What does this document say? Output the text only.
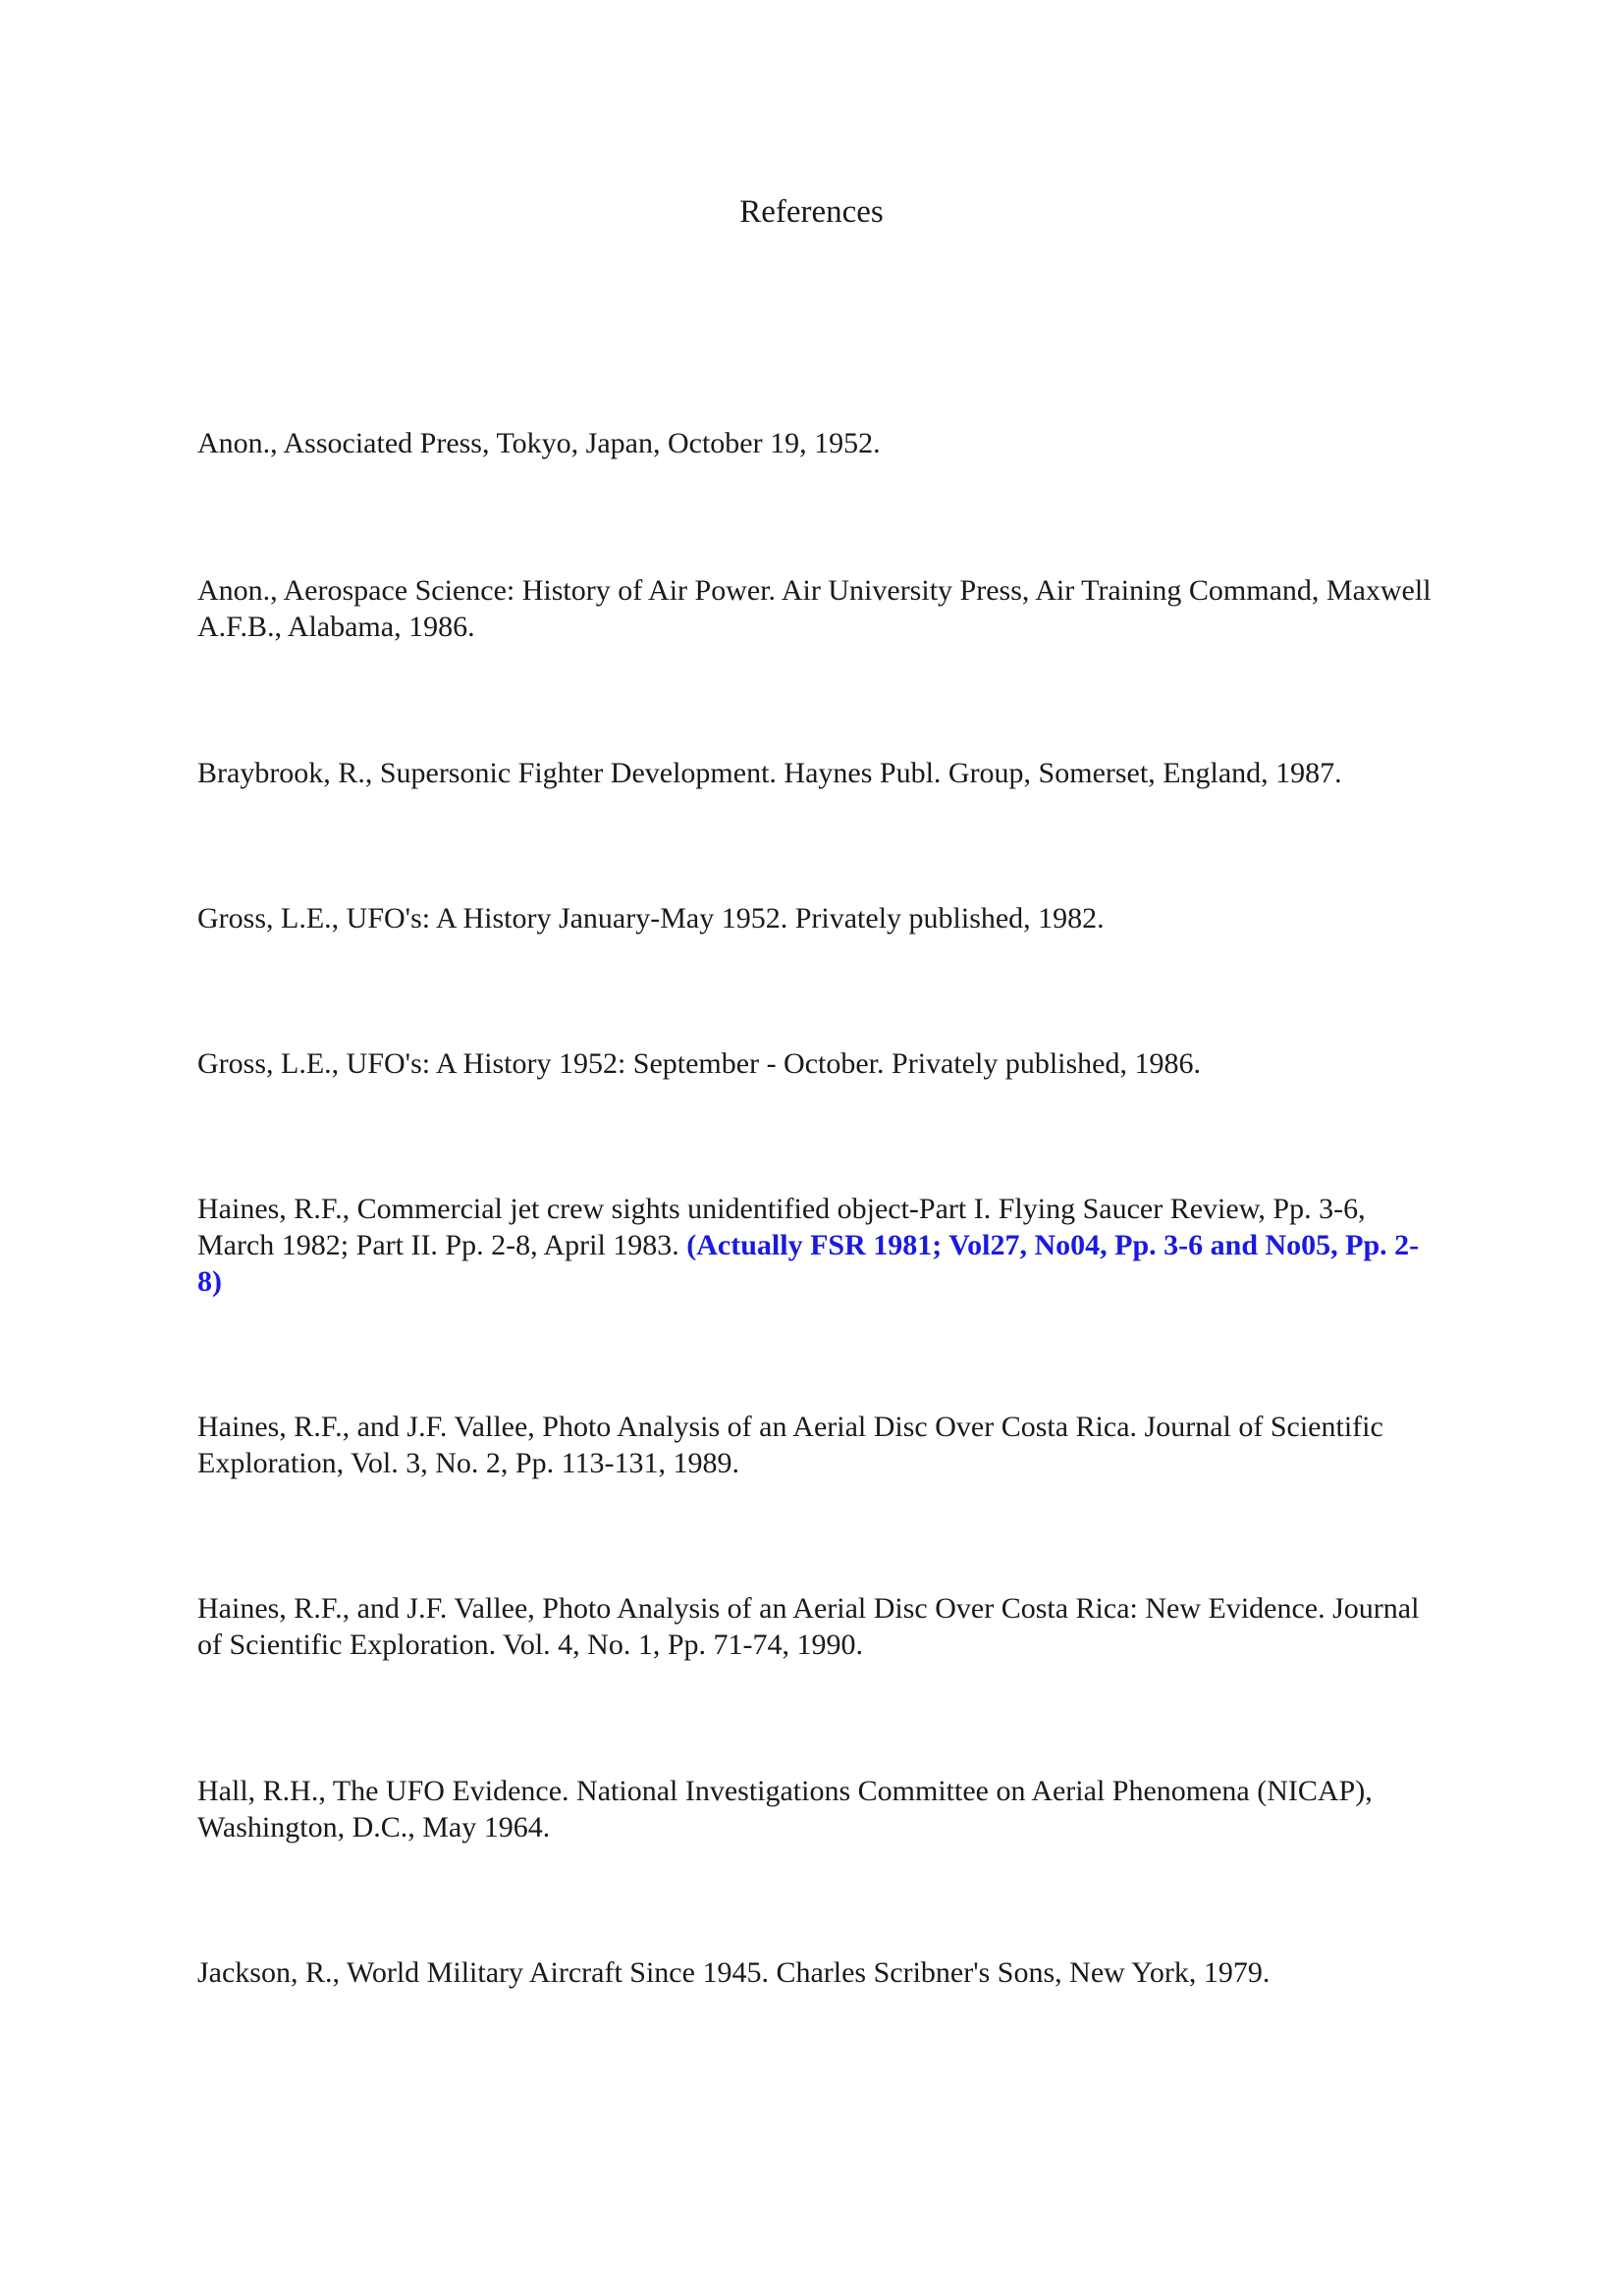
References

Anon., Associated Press, Tokyo, Japan, October 19, 1952.

Anon., Aerospace Science: History of Air Power. Air University Press, Air Training Command, Maxwell A.F.B., Alabama, 1986.

Braybrook, R., Supersonic Fighter Development. Haynes Publ. Group, Somerset, England, 1987.

Gross, L.E., UFO's: A History January-May 1952. Privately published, 1982.

Gross, L.E., UFO's: A History 1952: September - October. Privately published, 1986.

Haines, R.F., Commercial jet crew sights unidentified object-Part I. Flying Saucer Review, Pp. 3-6, March 1982; Part II. Pp. 2-8, April 1983. (Actually FSR 1981; Vol27, No04, Pp. 3-6 and No05, Pp. 2-8)

Haines, R.F., and J.F. Vallee, Photo Analysis of an Aerial Disc Over Costa Rica. Journal of Scientific Exploration, Vol. 3, No. 2, Pp. 113-131, 1989.

Haines, R.F., and J.F. Vallee, Photo Analysis of an Aerial Disc Over Costa Rica: New Evidence. Journal of Scientific Exploration. Vol. 4, No. 1, Pp. 71-74, 1990.

Hall, R.H., The UFO Evidence. National Investigations Committee on Aerial Phenomena (NICAP), Washington, D.C., May 1964.

Jackson, R., World Military Aircraft Since 1945. Charles Scribner's Sons, New York, 1979.
